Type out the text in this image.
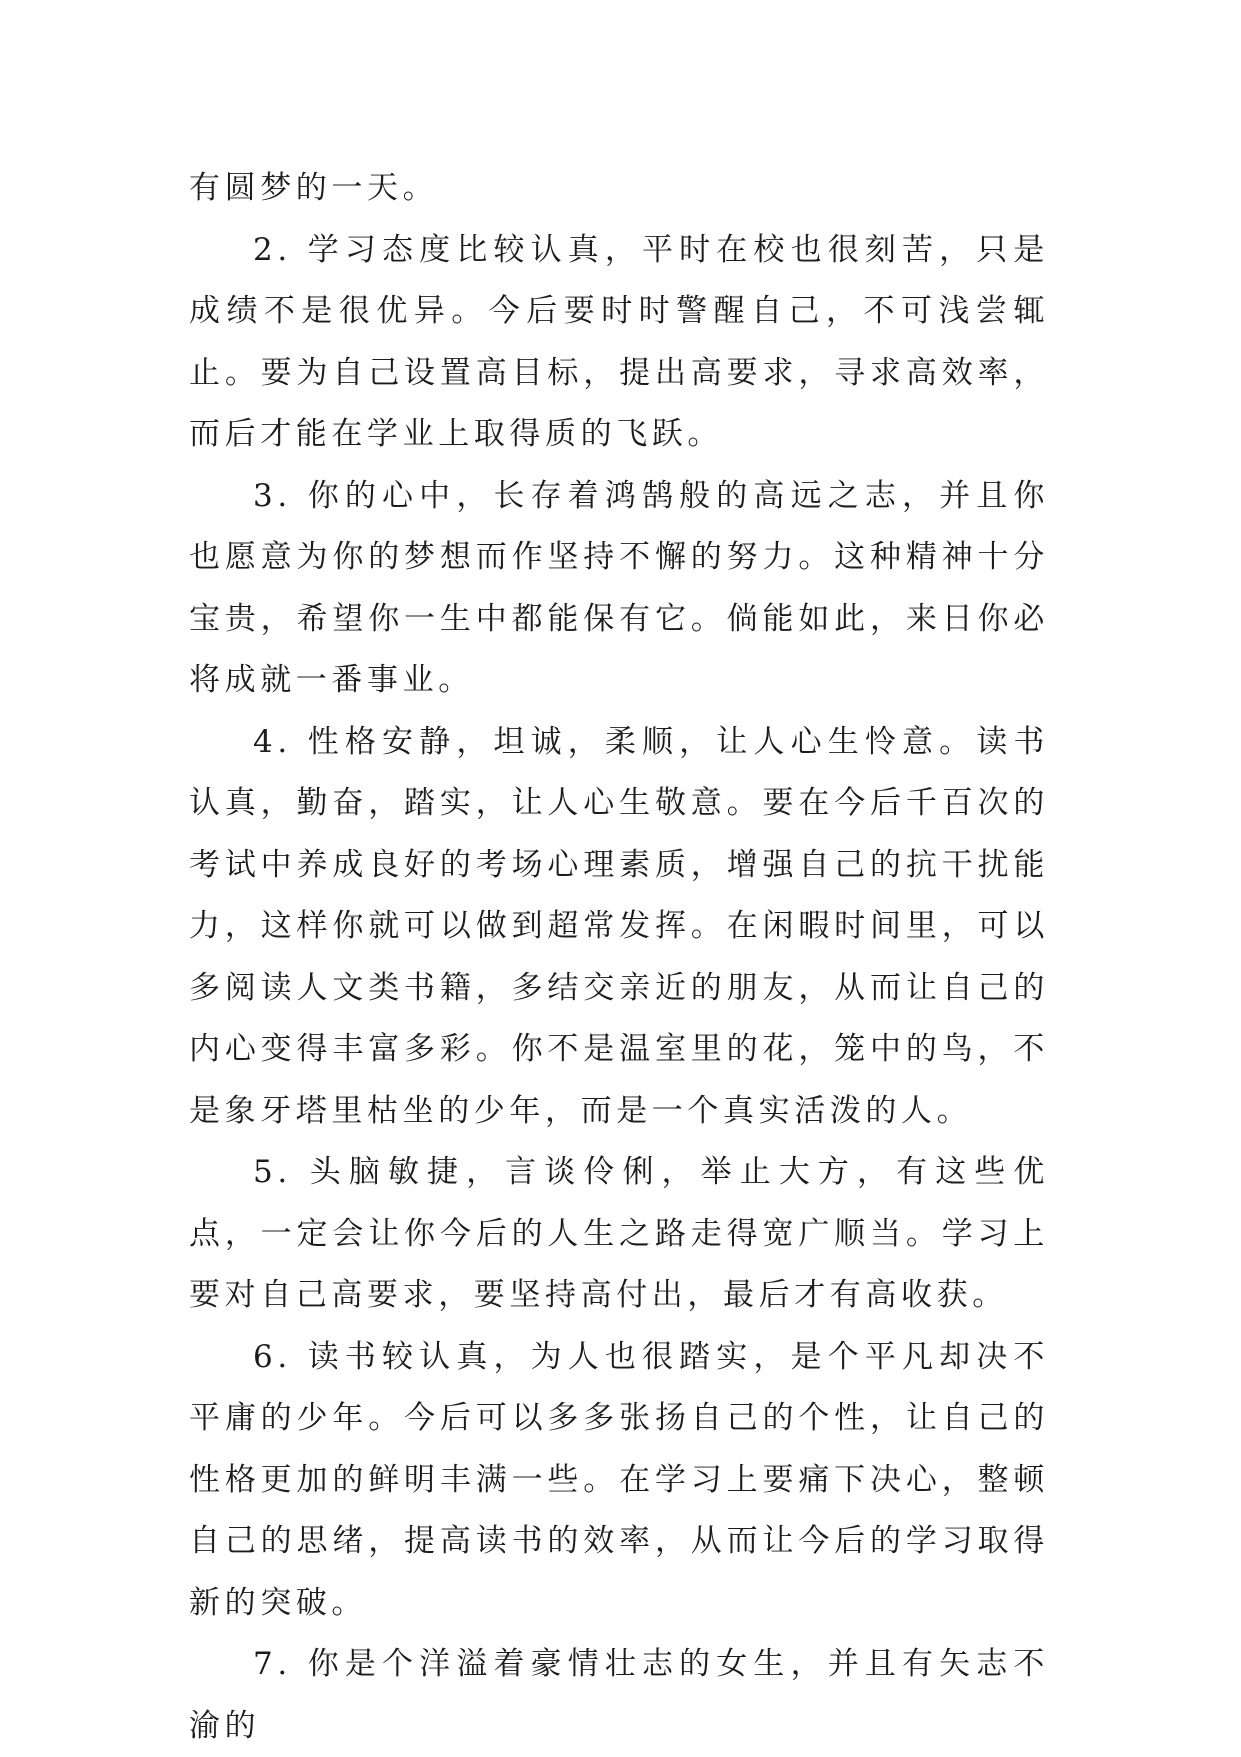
有圆梦的一天。

2. 学习态度比较认真，平时在校也很刻苦，只是成绩不是很优异。今后要时时警醒自己，不可浅尝辄止。要为自己设置高目标，提出高要求，寻求高效率，而后才能在学业上取得质的飞跃。

3. 你的心中，长存着鸿鹄般的高远之志，并且你也愿意为你的梦想而作坚持不懈的努力。这种精神十分宝贵，希望你一生中都能保有它。倘能如此，来日你必将成就一番事业。

4. 性格安静，坦诚，柔顺，让人心生怜意。读书认真，勤奋，踏实，让人心生敬意。要在今后千百次的考试中养成良好的考场心理素质，增强自己的抗干扰能力，这样你就可以做到超常发挥。在闲暇时间里，可以多阅读人文类书籍，多结交亲近的朋友，从而让自己的内心变得丰富多彩。你不是温室里的花，笼中的鸟，不是象牙塔里枯坐的少年，而是一个真实活泼的人。

5. 头脑敏捷，言谈伶俐，举止大方，有这些优点，一定会让你今后的人生之路走得宽广顺当。学习上要对自己高要求，要坚持高付出，最后才有高收获。

6. 读书较认真，为人也很踏实，是个平凡却决不平庸的少年。今后可以多多张扬自己的个性，让自己的性格更加的鲜明丰满一些。在学习上要痛下决心，整顿自己的思绪，提高读书的效率，从而让今后的学习取得新的突破。

7. 你是个洋溢着豪情壮志的女生，并且有矢志不渝的
